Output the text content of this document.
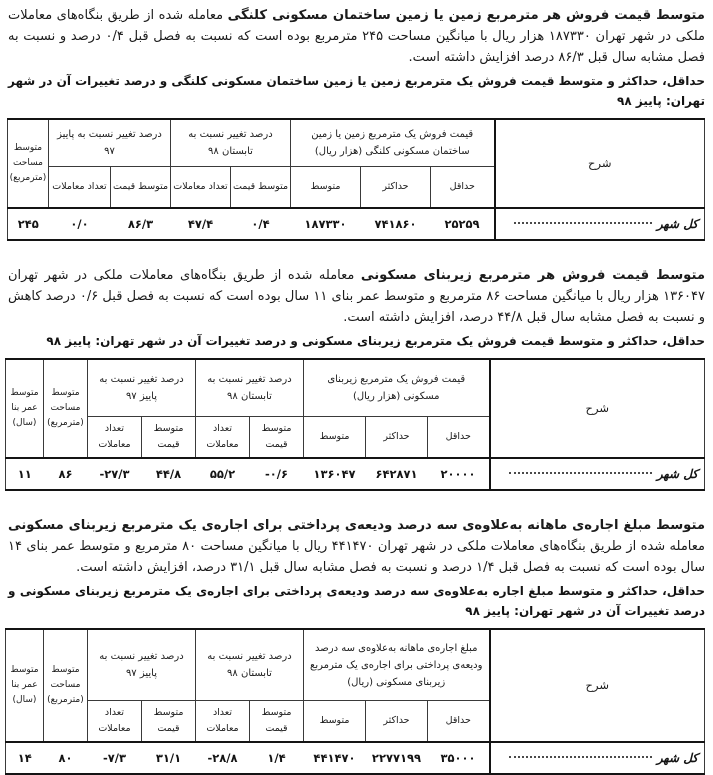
متوسط قیمت فروش هر مترمربع زمین یا زمین ساختمان مسکونی کلنگی معامله شده از طریق بنگاه‌های معاملات ملکی در شهر تهران ۱۸۷۳۳۰ هزار ریال با میانگین مساحت ۲۴۵ مترمربع بوده است که نسبت به فصل قبل ۰/۴ درصد و نسبت به فصل مشابه سال قبل ۸۶/۳ درصد افزایش داشته است.

حداقل، حداکثر و متوسط قیمت فروش یک مترمربع زمین یا زمین ساختمان مسکونی کلنگی و درصد تغییرات آن در شهر تهران: پاییز ۹۸

شرح	قیمت فروش یک مترمربع زمین یا زمین ساختمان مسکونی کلنگی (هزار ریال)			درصد تغییر نسبت به تابستان ۹۸		درصد تغییر نسبت به پاییز ۹۷		متوسط مساحت (مترمربع)
	حداقل	حداکثر	متوسط	متوسط قیمت	تعداد معاملات	متوسط قیمت	تعداد معاملات	

کل شهر	۲۵۲۵۹	۷۴۱۸۶۰	۱۸۷۳۳۰	۰/۴	۴۷/۴	۸۶/۳	۰/۰	۲۴۵

متوسط قیمت فروش هر مترمربع زیربنای مسکونی معامله شده از طریق بنگاه‌های معاملات ملکی در شهر تهران ۱۳۶۰۴۷ هزار ریال با میانگین مساحت ۸۶ مترمربع و متوسط عمر بنای ۱۱ سال بوده است که نسبت به فصل قبل ۰/۶ درصد کاهش و نسبت به فصل مشابه سال قبل ۴۴/۸ درصد، افزایش داشته است.

حداقل، حداکثر و متوسط قیمت فروش یک مترمربع زیربنای مسکونی و درصد تغییرات آن در شهر تهران: پاییز ۹۸

شرح	قیمت فروش یک مترمربع زیربنای مسکونی (هزار ریال)			درصد تغییر نسبت به تابستان ۹۸		درصد تغییر نسبت به پاییز ۹۷		متوسط مساحت (مترمربع)	متوسط عمر بنا (سال)
	حداقل	حداکثر	متوسط	متوسط قیمت	تعداد معاملات	متوسط قیمت	تعداد معاملات		

کل شهر	۲۰۰۰۰	۶۴۲۸۷۱	۱۳۶۰۴۷	-۰/۶	۵۵/۲	۴۴/۸	-۲۷/۳	۸۶	۱۱

متوسط مبلغ اجاره‌ی ماهانه به‌علاوه‌ی سه درصد ودیعه‌ی پرداختی برای اجاره‌ی یک مترمربع زیربنای مسکونی معامله شده از طریق بنگاه‌های معاملات ملکی در شهر تهران ۴۴۱۴۷۰ ریال با میانگین مساحت ۸۰ مترمربع و متوسط عمر بنای ۱۴ سال بوده است که نسبت به فصل قبل ۱/۴ درصد و نسبت به فصل مشابه سال قبل ۳۱/۱ درصد، افزایش داشته است.

حداقل، حداکثر و متوسط مبلغ اجاره به‌علاوه‌ی سه درصد ودیعه‌ی پرداختی برای اجاره‌ی یک مترمربع زیربنای مسکونی و درصد تغییرات آن در شهر تهران: پاییز ۹۸

شرح	مبلغ اجاره‌ی ماهانه به‌علاوه‌ی سه درصد ودیعه‌ی پرداختی برای اجاره‌ی یک مترمربع زیربنای مسکونی (ریال)			درصد تغییر نسبت به تابستان ۹۸		درصد تغییر نسبت به پاییز ۹۷		متوسط مساحت (مترمربع)	متوسط عمر بنا (سال)
	حداقل	حداکثر	متوسط	متوسط قیمت	تعداد معاملات	متوسط قیمت	تعداد معاملات		

کل شهر	۳۵۰۰۰	۲۲۷۷۱۹۹	۴۴۱۴۷۰	۱/۴	-۲۸/۸	۳۱/۱	-۷/۳	۸۰	۱۴
